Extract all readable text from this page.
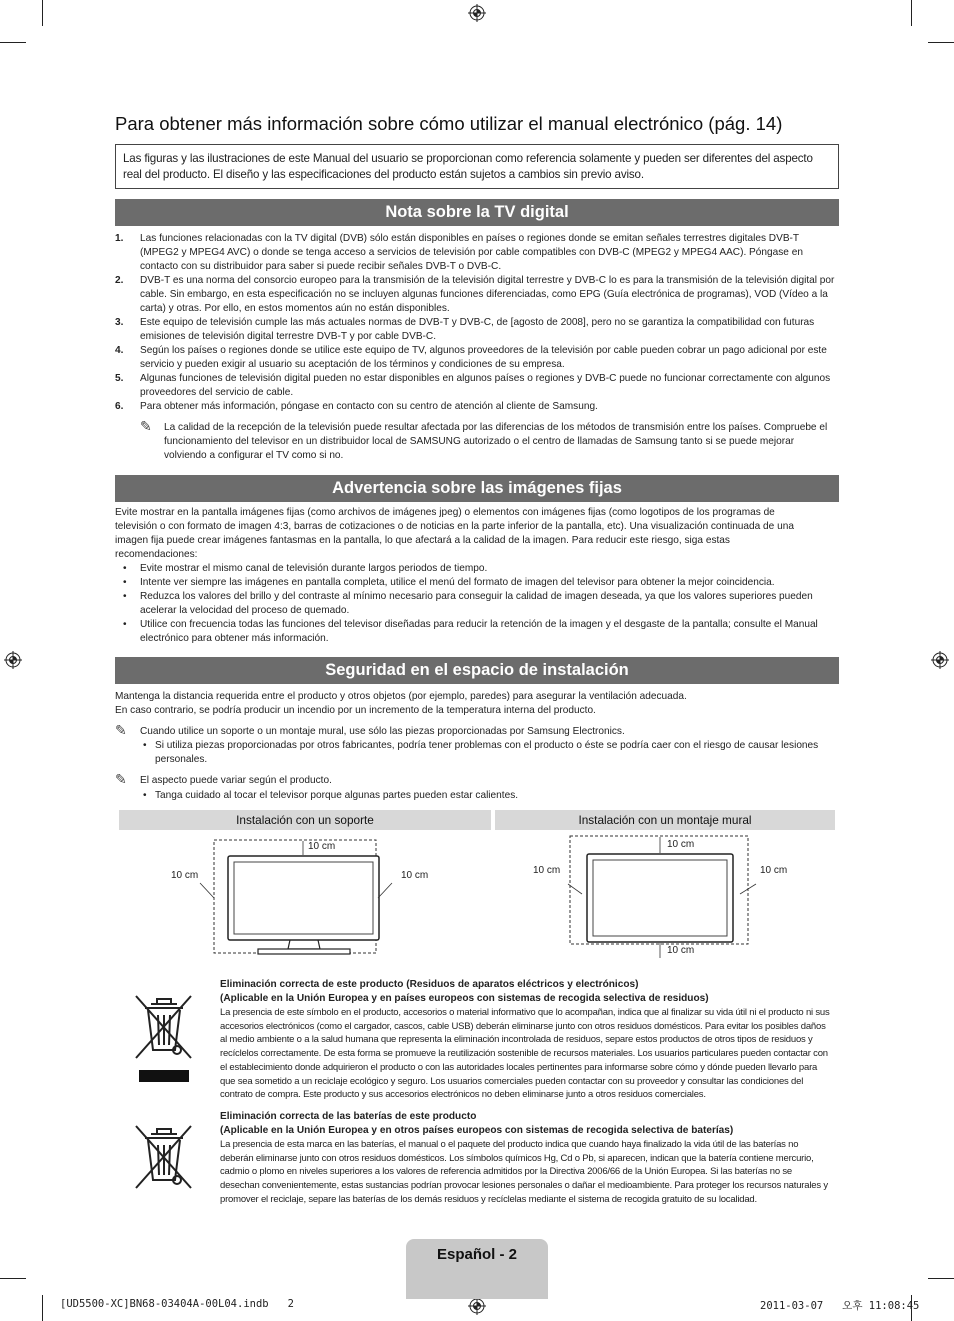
Para obtener más información sobre cómo utilizar el manual electrónico (pág. 14)
Las figuras y las ilustraciones de este Manual del usuario se proporcionan como referencia solamente y pueden ser diferentes del aspecto real del producto. El diseño y las especificaciones del producto están sujetos a cambios sin previo aviso.
Nota sobre la TV digital
1. Las funciones relacionadas con la TV digital (DVB) sólo están disponibles en países o regiones donde se emitan señales terrestres digitales DVB-T (MPEG2 y MPEG4 AVC) o donde se tenga acceso a servicios de televisión por cable compatibles con DVB-C (MPEG2 y MPEG4 AAC). Póngase en contacto con su distribuidor para saber si puede recibir señales DVB-T o DVB-C.
2. DVB-T es una norma del consorcio europeo para la transmisión de la televisión digital terrestre y DVB-C lo es para la transmisión de la televisión digital por cable. Sin embargo, en esta especificación no se incluyen algunas funciones diferenciadas, como EPG (Guía electrónica de programas), VOD (Vídeo a la carta) y otras. Por ello, en estos momentos aún no están disponibles.
3. Este equipo de televisión cumple las más actuales normas de DVB-T y DVB-C, de [agosto de 2008], pero no se garantiza la compatibilidad con futuras emisiones de televisión digital terrestre DVB-T y por cable DVB-C.
4. Según los países o regiones donde se utilice este equipo de TV, algunos proveedores de la televisión por cable pueden cobrar un pago adicional por este servicio y pueden exigir al usuario su aceptación de los términos y condiciones de su empresa.
5. Algunas funciones de televisión digital pueden no estar disponibles en algunos países o regiones y DVB-C puede no funcionar correctamente con algunos proveedores del servicio de cable.
6. Para obtener más información, póngase en contacto con su centro de atención al cliente de Samsung.
✎ La calidad de la recepción de la televisión puede resultar afectada por las diferencias de los métodos de transmisión entre los países. Compruebe el funcionamiento del televisor en un distribuidor local de SAMSUNG autorizado o el centro de llamadas de Samsung tanto si se puede mejorar volviendo a configurar el TV como si no.
Advertencia sobre las imágenes fijas
Evite mostrar en la pantalla imágenes fijas (como archivos de imágenes jpeg) o elementos con imágenes fijas (como logotipos de los programas de televisión o con formato de imagen 4:3, barras de cotizaciones o de noticias en la parte inferior de la pantalla, etc). Una visualización continuada de una imagen fija puede crear imágenes fantasmas en la pantalla, lo que afectará a la calidad de la imagen. Para reducir este riesgo, siga estas recomendaciones:
• Evite mostrar el mismo canal de televisión durante largos periodos de tiempo.
• Intente ver siempre las imágenes en pantalla completa, utilice el menú del formato de imagen del televisor para obtener la mejor coincidencia.
• Reduzca los valores del brillo y del contraste al mínimo necesario para conseguir la calidad de imagen deseada, ya que los valores superiores pueden acelerar la velocidad del proceso de quemado.
• Utilice con frecuencia todas las funciones del televisor diseñadas para reducir la retención de la imagen y el desgaste de la pantalla; consulte el Manual electrónico para obtener más información.
Seguridad en el espacio de instalación
Mantenga la distancia requerida entre el producto y otros objetos (por ejemplo, paredes) para asegurar la ventilación adecuada.
En caso contrario, se podría producir un incendio por un incremento de la temperatura interna del producto.
✎ Cuando utilice un soporte o un montaje mural, use sólo las piezas proporcionadas por Samsung Electronics.
• Si utiliza piezas proporcionadas por otros fabricantes, podría tener problemas con el producto o éste se podría caer con el riesgo de causar lesiones personales.
✎ El aspecto puede variar según el producto.
• Tanga cuidado al tocar el televisor porque algunas partes pueden estar calientes.
Instalación con un soporte	Instalación con un montaje mural
10 cm
10 cm	10 cm
10 cm
10 cm	10 cm
10 cm
Eliminación correcta de este producto (Residuos de aparatos eléctricos y electrónicos)
(Aplicable en la Unión Europea y en países europeos con sistemas de recogida selectiva de residuos)
La presencia de este símbolo en el producto, accesorios o material informativo que lo acompañan, indica que al finalizar su vida útil ni el producto ni sus accesorios electrónicos (como el cargador, cascos, cable USB) deberán eliminarse junto con otros residuos domésticos. Para evitar los posibles daños al medio ambiente o a la salud humana que representa la eliminación incontrolada de residuos, separe estos productos de otros tipos de residuos y recíclelos correctamente. De esta forma se promueve la reutilización sostenible de recursos materiales. Los usuarios particulares pueden contactar con el establecimiento donde adquirieron el producto o con las autoridades locales pertinentes para informarse sobre cómo y dónde pueden llevarlo para que sea sometido a un reciclaje ecológico y seguro. Los usuarios comerciales pueden contactar con su proveedor y consultar las condiciones del contrato de compra. Este producto y sus accesorios electrónicos no deben eliminarse junto a otros residuos comerciales.
Eliminación correcta de las baterías de este producto
(Aplicable en la Unión Europea y en otros países europeos con sistemas de recogida selectiva de baterías)
La presencia de esta marca en las baterías, el manual o el paquete del producto indica que cuando haya finalizado la vida útil de las baterías no deberán eliminarse junto con otros residuos domésticos. Los símbolos químicos Hg, Cd o Pb, si aparecen, indican que la batería contiene mercurio, cadmio o plomo en niveles superiores a los valores de referencia admitidos por la Directiva 2006/66 de la Unión Europea. Si las baterías no se desechan convenientemente, estas sustancias podrían provocar lesiones personales o dañar el medioambiente. Para proteger los recursos naturales y promover el reciclaje, separe las baterías de los demás residuos y recíclelas mediante el sistema de recogida gratuito de su localidad.
Español - 2
[UD5500-XC]BN68-03404A-00L04.indb   2	2011-03-07   오후 11:08:45
